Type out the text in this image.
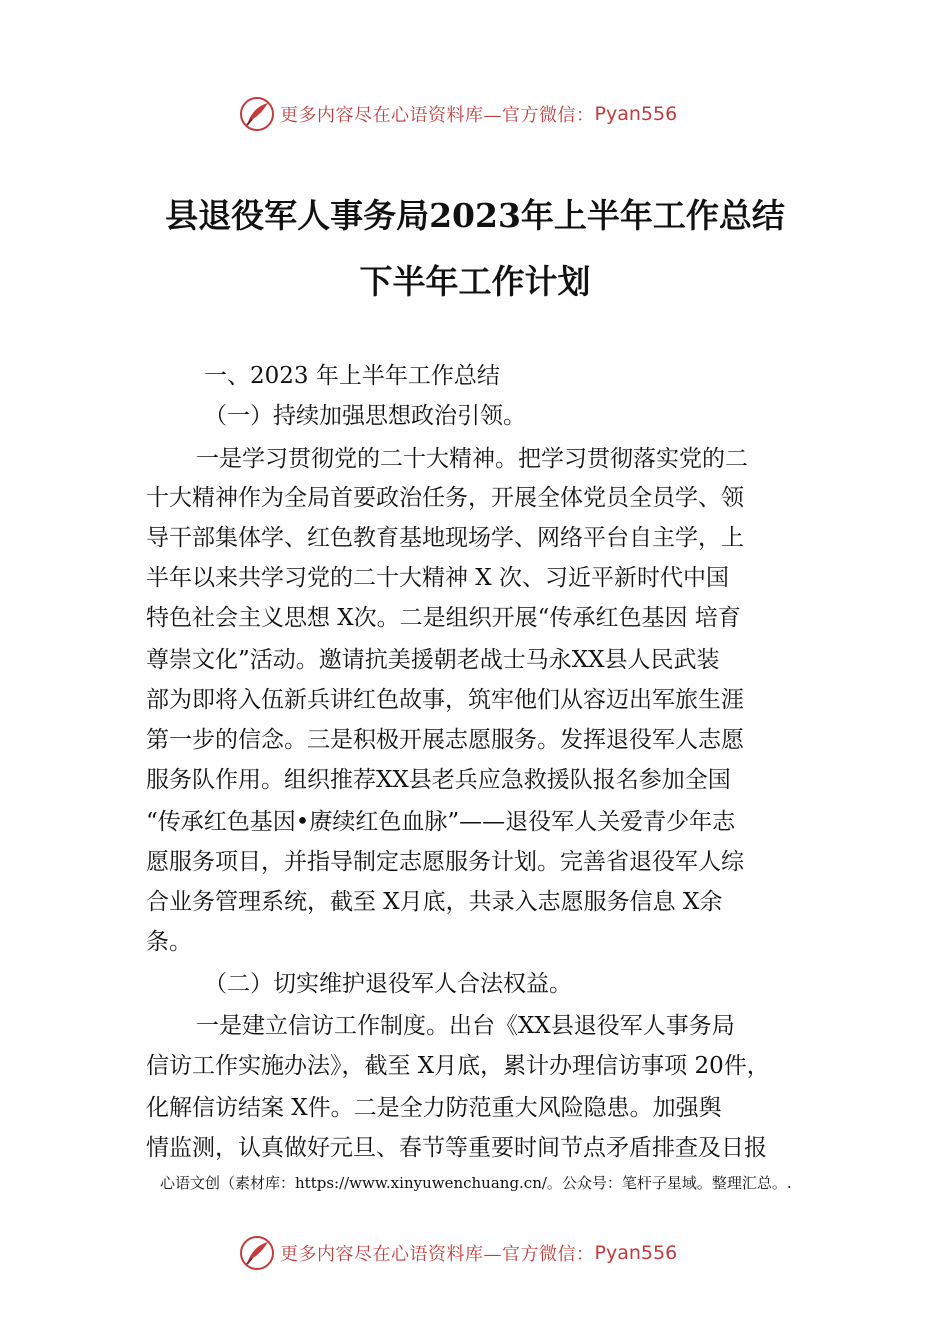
更多内容尽在心语资料库—官方微信： Pyan556
县退役军人事务局2023年上半年工作总结
下半年工作计划
一、2023 年上半年工作总结
（一）持续加强思想政治引领。
一是学习贯彻党的二十大精神。把学习贯彻落实党的二
十大精神作为全局首要政治任务，开展全体党员全员学、领
导干部集体学、红色教育基地现场学、网络平台自主学，上
半年以来共学习党的二十大精神 X 次、习近平新时代中国
特色社会主义思想 X次。二是组织开展“传承红色基因 培育
尊崇文化”活动。邀请抗美援朝老战士马永XX县人民武装
部为即将入伍新兵讲红色故事，筑牢他们从容迈出军旅生涯
第一步的信念。三是积极开展志愿服务。发挥退役军人志愿
服务队作用。组织推荐XX县老兵应急救援队报名参加全国
“传承红色基因•赓续红色血脉”——退役军人关爱青少年志
愿服务项目，并指导制定志愿服务计划。完善省退役军人综
合业务管理系统，截至 X月底，共录入志愿服务信息 X余
条。
（二）切实维护退役军人合法权益。
一是建立信访工作制度。出台《XX县退役军人事务局
信访工作实施办法》，截至 X月底，累计办理信访事项 20件，
化解信访结案 X件。二是全力防范重大风险隐患。加强舆
情监测，认真做好元旦、春节等重要时间节点矛盾排查及日报
心语文创（素材库：https://www.xinyuwenchuang.cn/。公众号：笔杆子星域。整理汇总。.
更多内容尽在心语资料库—官方微信： Pyan556
